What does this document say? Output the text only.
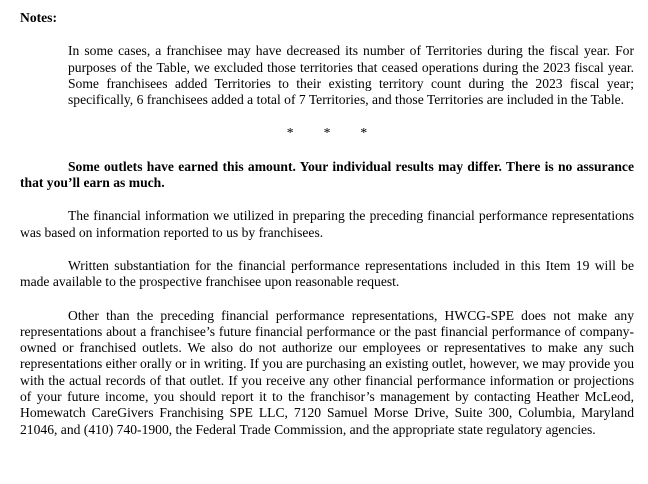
Notes:

In some cases, a franchisee may have decreased its number of Territories during the fiscal year. For purposes of the Table, we excluded those territories that ceased operations during the 2023 fiscal year. Some franchisees added Territories to their existing territory count during the 2023 fiscal year; specifically, 6 franchisees added a total of 7 Territories, and those Territories are included in the Table.

* * *

Some outlets have earned this amount. Your individual results may differ. There is no assurance that you’ll earn as much.

The financial information we utilized in preparing the preceding financial performance representations was based on information reported to us by franchisees.

Written substantiation for the financial performance representations included in this Item 19 will be made available to the prospective franchisee upon reasonable request.

Other than the preceding financial performance representations, HWCG-SPE does not make any representations about a franchisee’s future financial performance or the past financial performance of company-owned or franchised outlets. We also do not authorize our employees or representatives to make any such representations either orally or in writing. If you are purchasing an existing outlet, however, we may provide you with the actual records of that outlet. If you receive any other financial performance information or projections of your future income, you should report it to the franchisor’s management by contacting Heather McLeod, Homewatch CareGivers Franchising SPE LLC, 7120 Samuel Morse Drive, Suite 300, Columbia, Maryland 21046, and (410) 740-1900, the Federal Trade Commission, and the appropriate state regulatory agencies.
